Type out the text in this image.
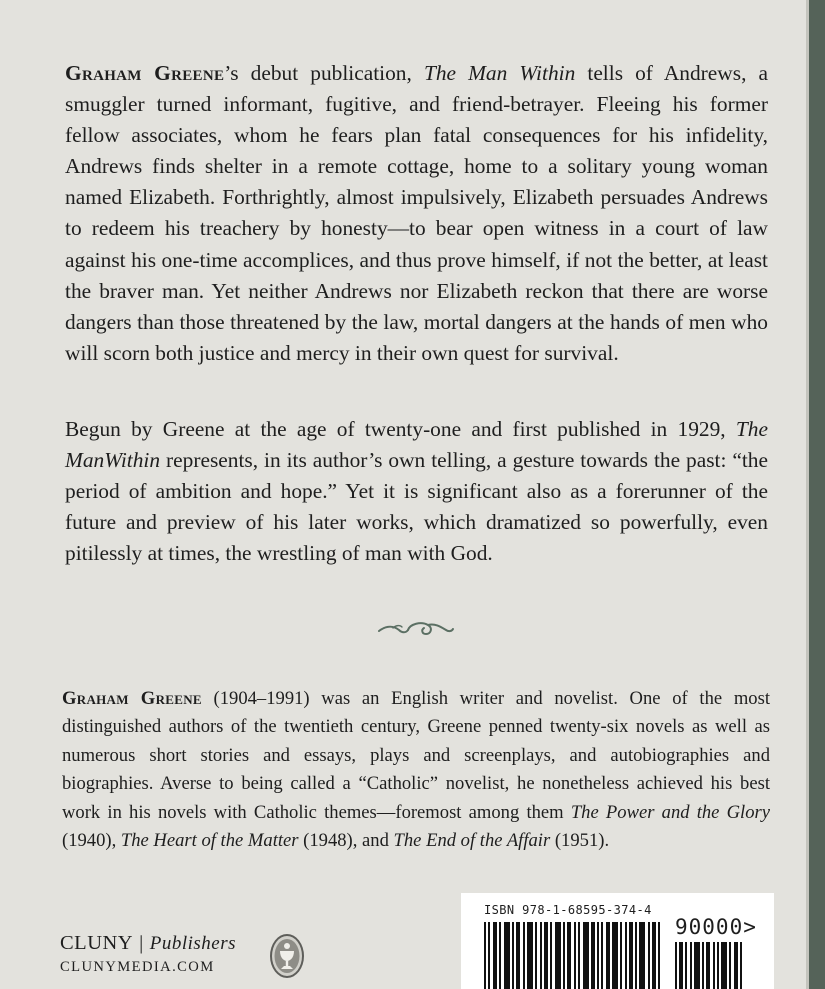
Graham Greene’s debut publication, The Man Within tells of Andrews, a smuggler turned informant, fugitive, and friend-betrayer. Fleeing his former fellow associates, whom he fears plan fatal consequences for his infidelity, Andrews finds shelter in a remote cottage, home to a solitary young woman named Elizabeth. Forthrightly, almost impulsively, Elizabeth persuades Andrews to redeem his treachery by honesty—to bear open witness in a court of law against his one-time accomplices, and thus prove himself, if not the better, at least the braver man. Yet neither Andrews nor Elizabeth reckon that there are worse dangers than those threatened by the law, mortal dangers at the hands of men who will scorn both justice and mercy in their own quest for survival.

Begun by Greene at the age of twenty-one and first published in 1929, The ManWithin represents, in its author’s own telling, a gesture towards the past: “the period of ambition and hope.” Yet it is significant also as a forerunner of the future and preview of his later works, which dramatized so powerfully, even pitilessly at times, the wrestling of man with God.

Graham Greene (1904–1991) was an English writer and novelist. One of the most distinguished authors of the twentieth century, Greene penned twenty-six novels as well as numerous short stories and essays, plays and screenplays, and autobiographies and biographies. Averse to being called a “Catholic” novelist, he nonetheless achieved his best work in his novels with Catholic themes—foremost among them The Power and the Glory (1940), The Heart of the Matter (1948), and The End of the Affair (1951).

CLUNY | Publishers
CLUNYMEDIA.COM
ISBN 978-1-68595-374-4
90000>
